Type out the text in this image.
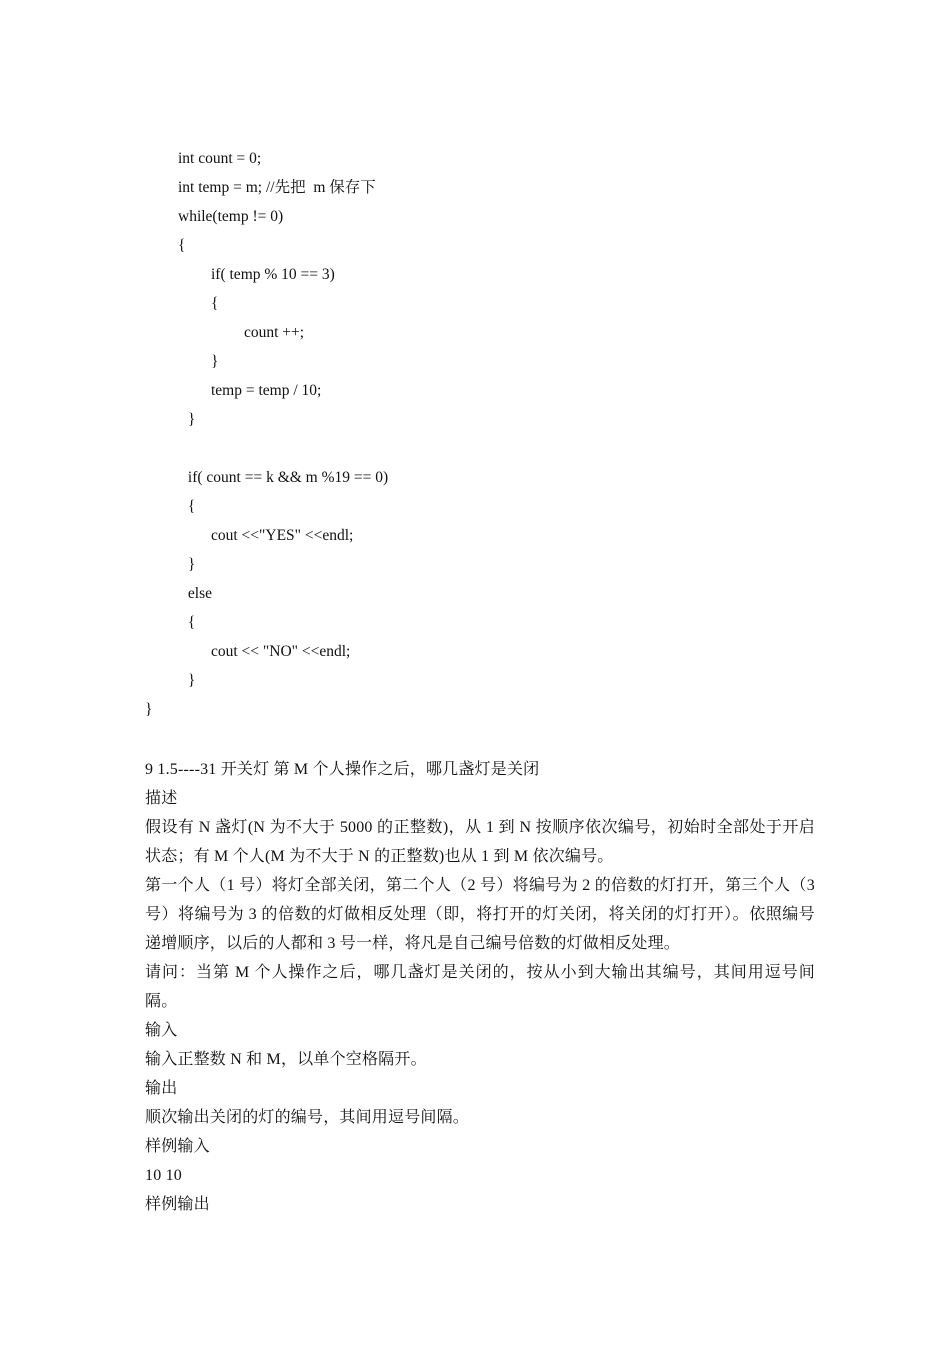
int count = 0;
int temp = m; //先把  m 保存下
while(temp != 0)
{
if( temp % 10 == 3)
{
count ++;
}
temp = temp / 10;
}
if( count == k && m %19 == 0)
{
cout <<"YES" <<endl;
}
else
{
cout << "NO" <<endl;
}
}

9 1.5----31 开关灯 第 M 个人操作之后，哪几盏灯是关闭

描述

假设有 N 盏灯(N 为不大于 5000 的正整数)，从 1 到 N 按顺序依次编号，初始时全部处于开启状态；有 M 个人(M 为不大于 N 的正整数)也从 1 到 M 依次编号。

第一个人（1 号）将灯全部关闭，第二个人（2 号）将编号为 2 的倍数的灯打开，第三个人（3 号）将编号为 3 的倍数的灯做相反处理（即，将打开的灯关闭，将关闭的灯打开）。依照编号递增顺序，以后的人都和 3 号一样，将凡是自己编号倍数的灯做相反处理。

请问：当第 M 个人操作之后，哪几盏灯是关闭的，按从小到大输出其编号，其间用逗号间隔。

输入

输入正整数 N 和 M，以单个空格隔开。

输出

顺次输出关闭的灯的编号，其间用逗号间隔。

样例输入

10 10

样例输出
